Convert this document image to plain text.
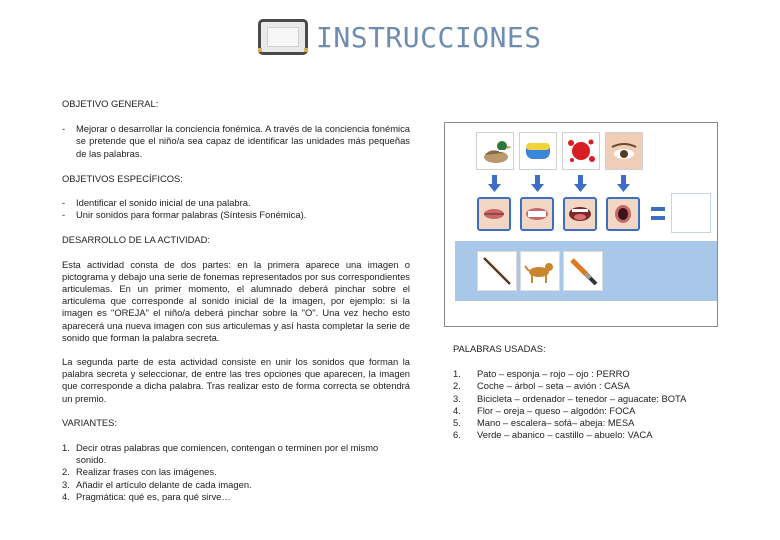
INSTRUCCIONES

OBJETIVO GENERAL:

-	Mejorar o desarrollar la conciencia fonémica. A través de la conciencia fonémica se pretende que el niño/a sea capaz de identificar las unidades más pequeñas de las palabras.

OBJETIVOS ESPECÍFICOS:

-	Identificar el sonido inicial de una palabra.
-	Unir sonidos para formar palabras (Síntesis Fonémica).

DESARROLLO DE LA ACTIVIDAD:

Esta actividad consta de dos partes: en la primera aparece una imagen o pictograma y debajo una serie de fonemas representados por sus correspondientes articulemas. En un primer momento, el alumnado deberá pinchar sobre el articulema que corresponde al sonido inicial de la imagen, por ejemplo: si la imagen es "OREJA" el niño/a deberá pinchar sobre la "O". Una vez hecho esto aparecerá una nueva imagen con sus articulemas y así hasta completar la serie de sonido que forman la palabra secreta.

La segunda parte de esta actividad consiste en unir los sonidos que forman la palabra secreta y seleccionar, de entre las tres opciones que aparecen, la imagen que corresponde a dicha palabra. Tras realizar esto de forma correcta se obtendrá un premio.

VARIANTES:

1. Decir otras palabras que comiencen, contengan o terminen por el mismo sonido.
2. Realizar frases con las imágenes.
3. Añadir el artículo delante de cada imagen.
4. Pragmática: qué es, para qué sirve…
PALABRAS USADAS:
1.	Pato – esponja – rojo – ojo : PERRO
2.	Coche – árbol – seta – avión : CASA
3.	Bicicleta – ordenador – tenedor – aguacate: BOTA
4.	Flor – oreja – queso – algodón: FOCA
5.	Mano – escalera– sofá– abeja: MESA
6.	Verde – abanico – castillo – abuelo: VACA
